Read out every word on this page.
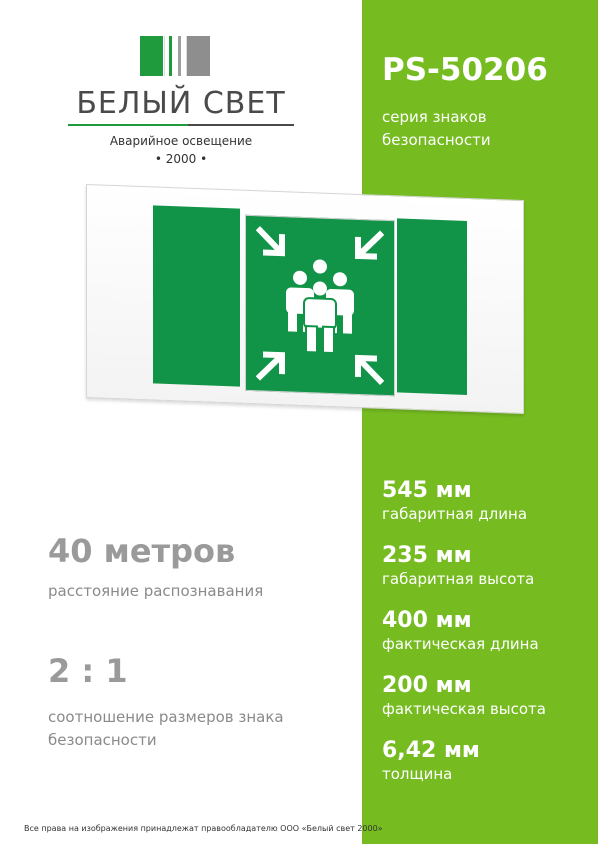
БЕЛЫЙ СВЕТ
Аварийное освещение
• 2000 •
PS-50206
серия знаков
безопасности
40 метров
расстояние распознавания
2 : 1
соотношение размеров знака
безопасности
545 мм
габаритная длина
235 мм
габаритная высота
400 мм
фактическая длина
200 мм
фактическая высота
6,42 мм
толщина
Все права на изображения принадлежат правообладателю ООО «Белый свет 2000»
